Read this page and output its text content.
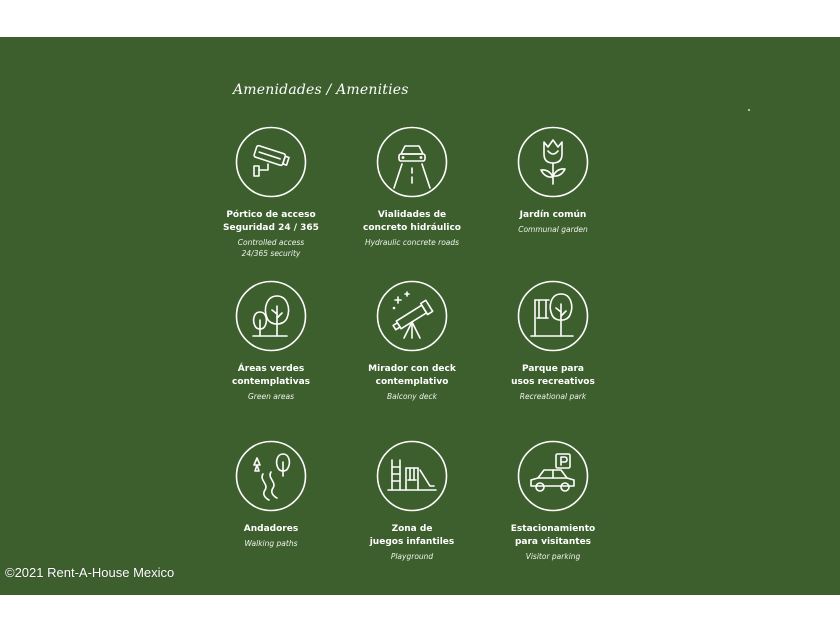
Amenidades / Amenities
Pórtico de acceso
Seguridad 24 / 365
Controlled access
24/365 security
Vialidades de
concreto hidráulico
Hydraulic concrete roads
Jardín común
Communal garden
Áreas verdes
contemplativas
Green areas
Mirador con deck
contemplativo
Balcony deck
Parque para
usos recreativos
Recreational park
Andadores
Walking paths
Zona de
juegos infantiles
Playground
Estacionamiento
para visitantes
Visitor parking
©2021 Rent-A-House Mexico
